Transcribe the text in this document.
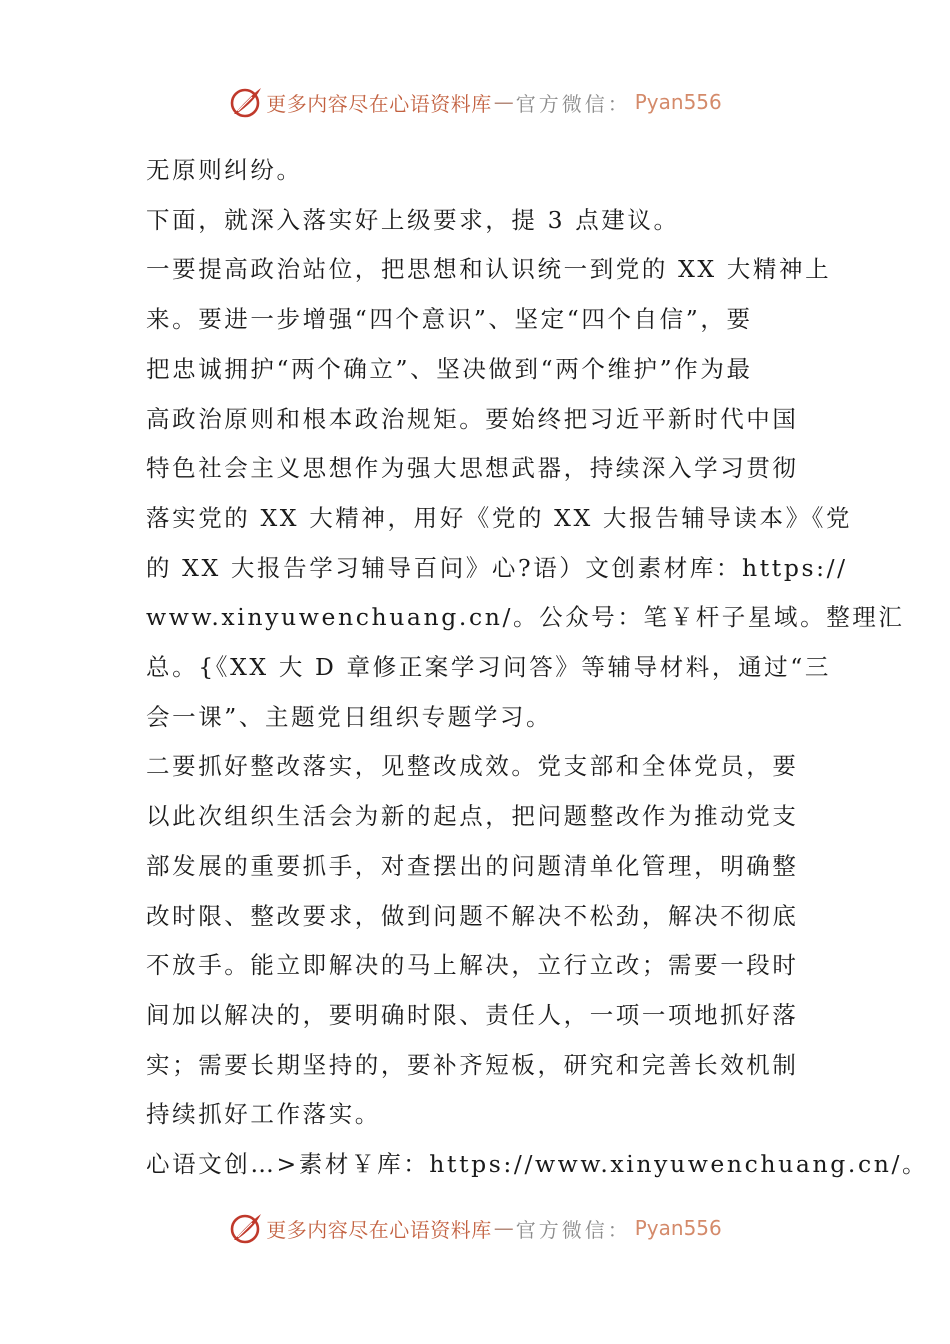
更多内容尽在心语资料库 — 官方微信： Pyan556

无原则纠纷。

下面，就深入落实好上级要求，提 3 点建议。

一要提高政治站位，把思想和认识统一到党的 XX 大精神上

来。要进一步增强“四个意识”、坚定“四个自信”，要

把忠诚拥护“两个确立”、坚决做到“两个维护”作为最

高政治原则和根本政治规矩。要始终把习近平新时代中国

特色社会主义思想作为强大思想武器，持续深入学习贯彻

落实党的 XX 大精神，用好《党的 XX 大报告辅导读本》《党

的 XX 大报告学习辅导百问》心?语）文创素材库：https://

www.xinyuwenchuang.cn/。公众号：笔￥杆子星域。整理汇

总。{《XX 大 D 章修正案学习问答》等辅导材料，通过“三

会一课”、主题党日组织专题学习。

二要抓好整改落实，见整改成效。党支部和全体党员，要

以此次组织生活会为新的起点，把问题整改作为推动党支

部发展的重要抓手，对查摆出的问题清单化管理，明确整

改时限、整改要求，做到问题不解决不松劲，解决不彻底

不放手。能立即解决的马上解决，立行立改；需要一段时

间加以解决的，要明确时限、责任人，一项一项地抓好落

实；需要长期坚持的，要补齐短板，研究和完善长效机制

持续抓好工作落实。

心语文创…>素材￥库：https://www.xinyuwenchuang.cn/。

更多内容尽在心语资料库 — 官方微信： Pyan556
